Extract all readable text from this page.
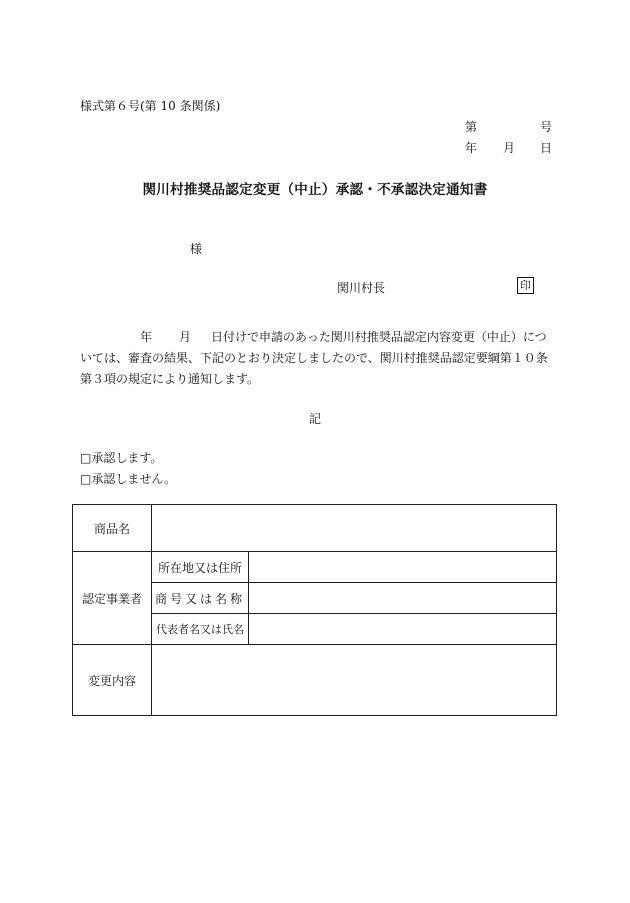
様式第６号(第 10 条関係)
第	号
年 月 日
関川村推奨品認定変更（中止）承認・不承認決定通知書
様
関川村長	印
年 月 日付けで申請のあった関川村推奨品認定内容変更（中止）につ
いては、審査の結果、下記のとおり決定しましたので、関川村推奨品認定要綱第１０条
第３項の規定により通知します。
記
□承認します。
□承認しません。
商品名		
認定事業者	所在地又は住所	
	商号又は名称	
	代表者名又は氏名	
変更内容		
